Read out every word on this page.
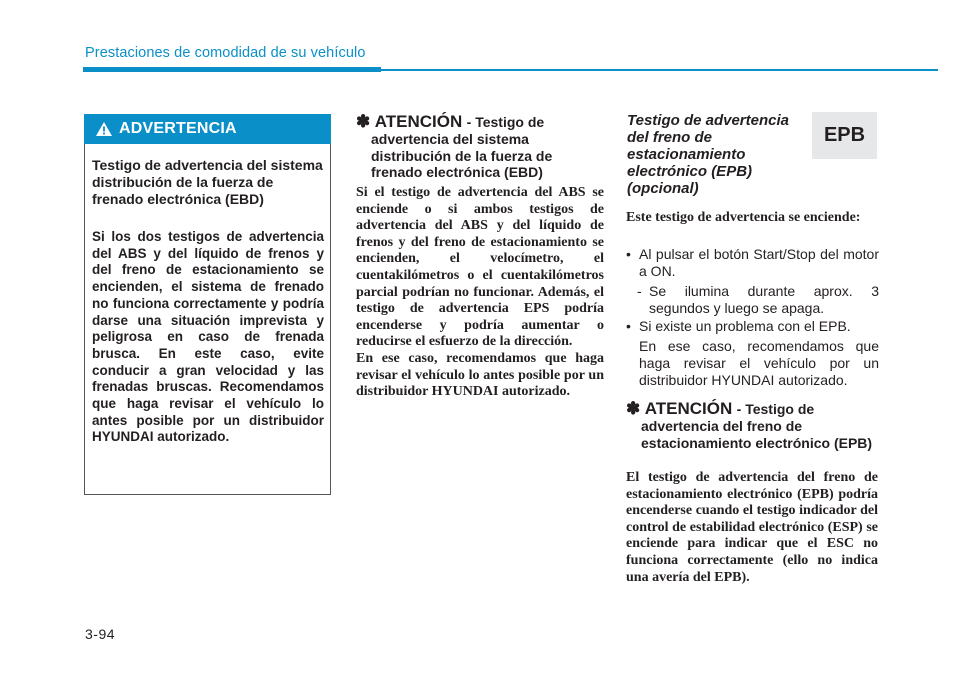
Prestaciones de comodidad de su vehículo
ADVERTENCIA
Testigo de advertencia del sistema distribución de la fuerza de frenado electrónica (EBD)
Si los dos testigos de advertencia del ABS y del líquido de frenos y del freno de estacionamiento se encienden, el sistema de frenado no funciona correctamente y podría darse una situación imprevista y peligrosa en caso de frenada brusca. En este caso, evite conducir a gran velocidad y las frenadas bruscas. Recomendamos que haga revisar el vehículo lo antes posible por un distribuidor HYUNDAI autorizado.
✽ ATENCIÓN - Testigo de
advertencia del sistema distribución de la fuerza de frenado electrónica (EBD)
Si el testigo de advertencia del ABS se enciende o si ambos testigos de advertencia del ABS y del líquido de frenos y del freno de estacionamiento se encienden, el velocímetro, el cuentakilómetros o el cuentakilómetros parcial podrían no funcionar. Además, el testigo de advertencia EPS podría encenderse y podría aumentar o reducirse el esfuerzo de la dirección.
En ese caso, recomendamos que haga revisar el vehículo lo antes posible por un distribuidor HYUNDAI autorizado.
Testigo de advertencia del freno de estacionamiento electrónico (EPB) (opcional)
EPB
Este testigo de advertencia se enciende:
• Al pulsar el botón Start/Stop del motor a ON.
- Se ilumina durante aprox. 3 segundos y luego se apaga.
• Si existe un problema con el EPB.
En ese caso, recomendamos que haga revisar el vehículo por un distribuidor HYUNDAI autorizado.
✽ ATENCIÓN - Testigo de
advertencia del freno de estacionamiento electrónico (EPB)
El testigo de advertencia del freno de estacionamiento electrónico (EPB) podría encenderse cuando el testigo indicador del control de estabilidad electrónico (ESP) se enciende para indicar que el ESC no funciona correctamente (ello no indica una avería del EPB).
3-94
